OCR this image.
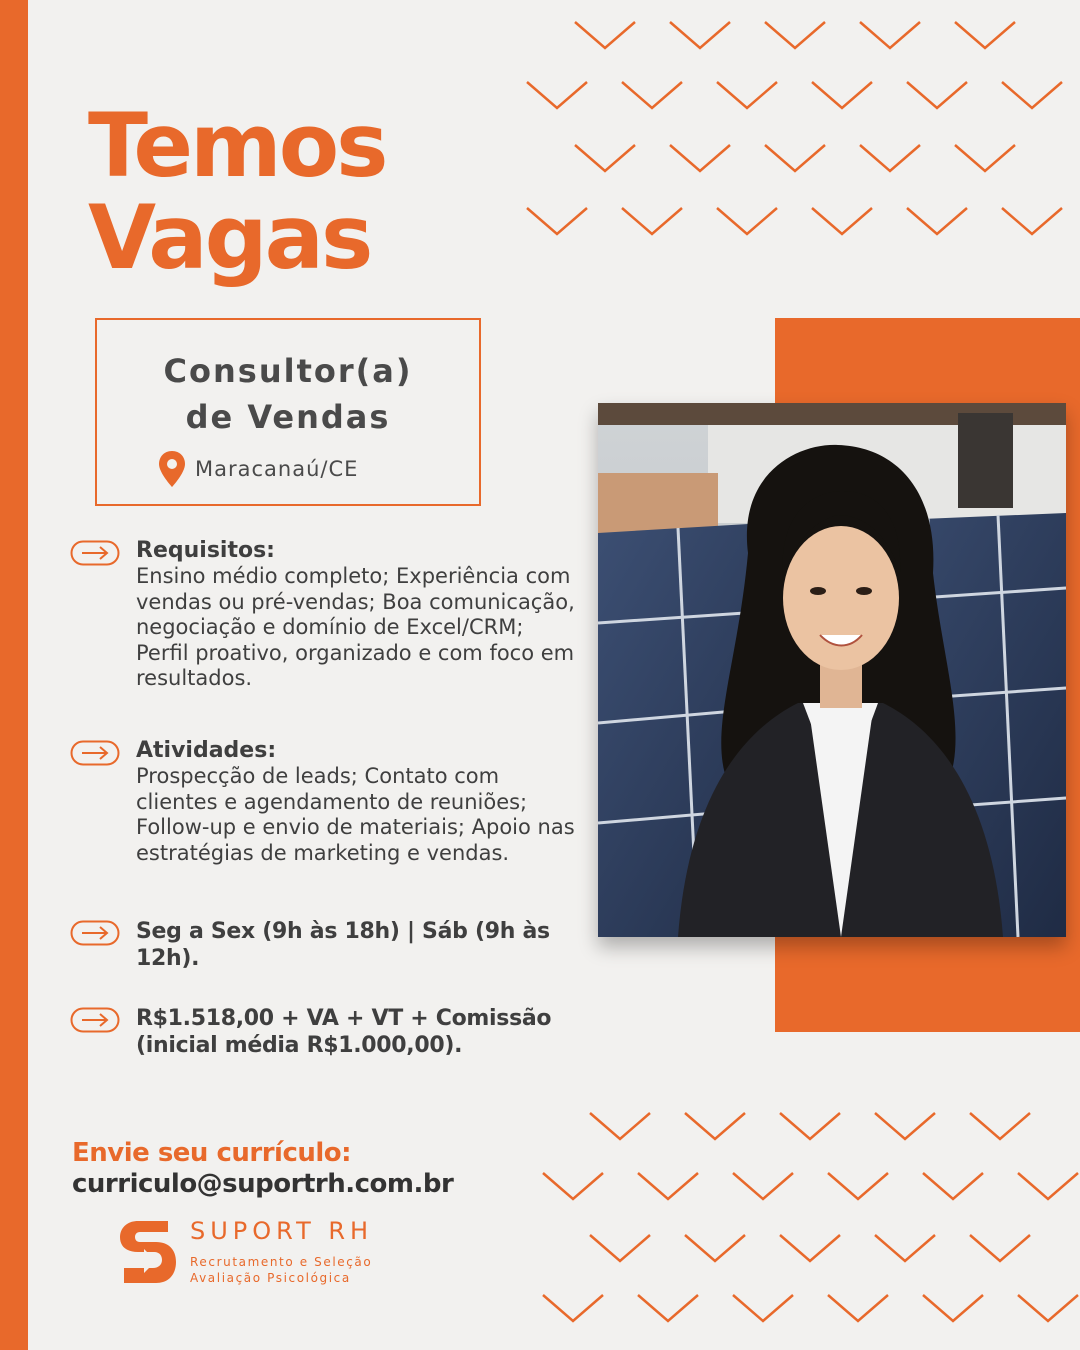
Temos
Vagas
Consultor(a)
de Vendas
Maracanaú/CE
Requisitos:
Ensino médio completo; Experiência com vendas ou pré-vendas; Boa comunicação, negociação e domínio de Excel/CRM; Perfil proativo, organizado e com foco em resultados.
Atividades:
Prospecção de leads; Contato com clientes e agendamento de reuniões; Follow-up e envio de materiais; Apoio nas estratégias de marketing e vendas.
Seg a Sex (9h às 18h) | Sáb (9h às 12h).
R$1.518,00 + VA + VT + Comissão (inicial média R$1.000,00).
Envie seu currículo:
curriculo@suportrh.com.br
SUPORT RH
Recrutamento e Seleção
Avaliação Psicológica
